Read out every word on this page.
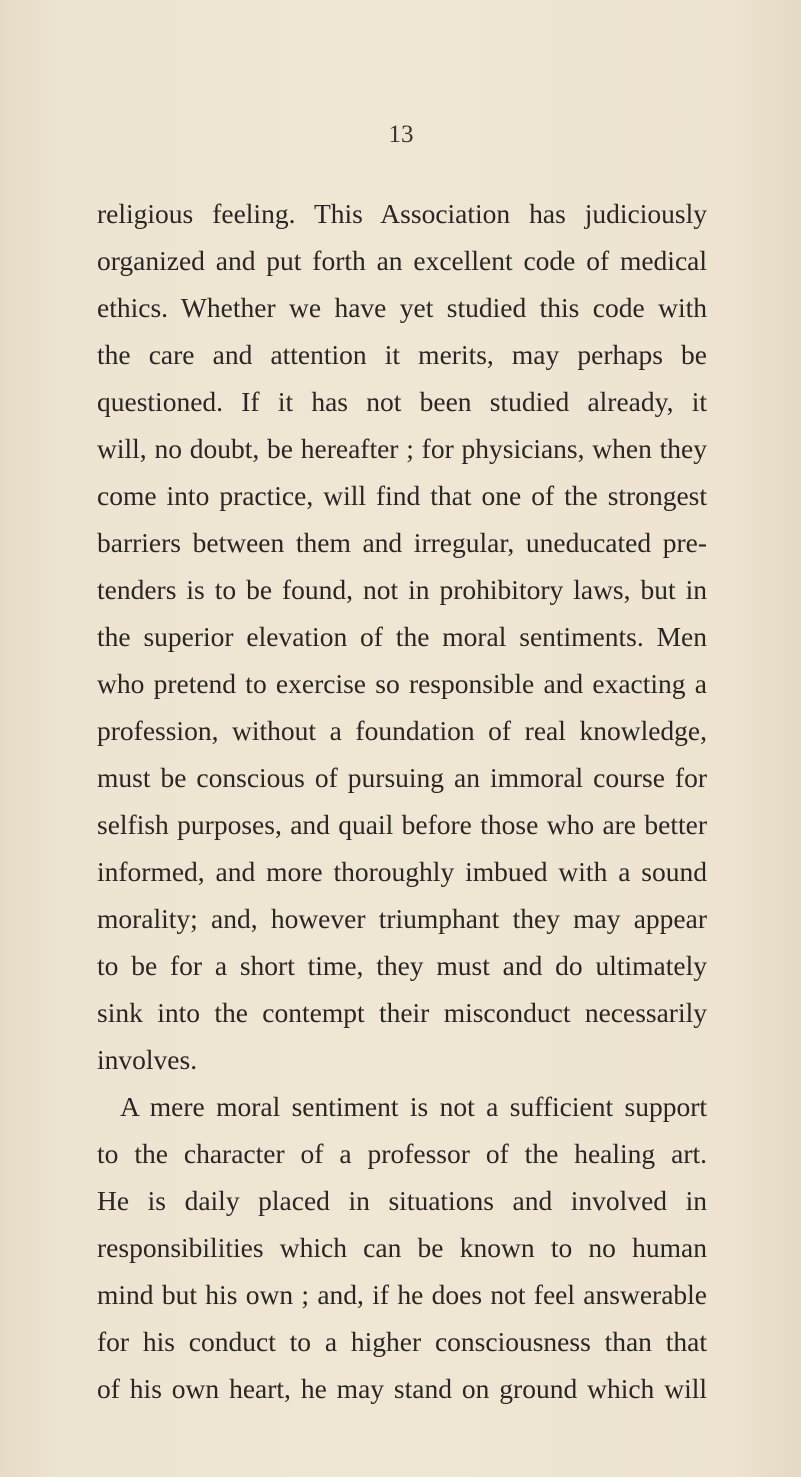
13
religious feeling. This Association has judiciously
organized and put forth an excellent code of medical
ethics. Whether we have yet studied this code with
the care and attention it merits, may perhaps be
questioned. If it has not been studied already, it
will, no doubt, be hereafter ; for physicians, when they
come into practice, will find that one of the strongest
barriers between them and irregular, uneducated pre-
tenders is to be found, not in prohibitory laws, but in
the superior elevation of the moral sentiments. Men
who pretend to exercise so responsible and exacting a
profession, without a foundation of real knowledge,
must be conscious of pursuing an immoral course for
selfish purposes, and quail before those who are better
informed, and more thoroughly imbued with a sound
morality; and, however triumphant they may appear
to be for a short time, they must and do ultimately
sink into the contempt their misconduct necessarily
involves.
A mere moral sentiment is not a sufficient support
to the character of a professor of the healing art.
He is daily placed in situations and involved in
responsibilities which can be known to no human
mind but his own ; and, if he does not feel answerable
for his conduct to a higher consciousness than that
of his own heart, he may stand on ground which will
